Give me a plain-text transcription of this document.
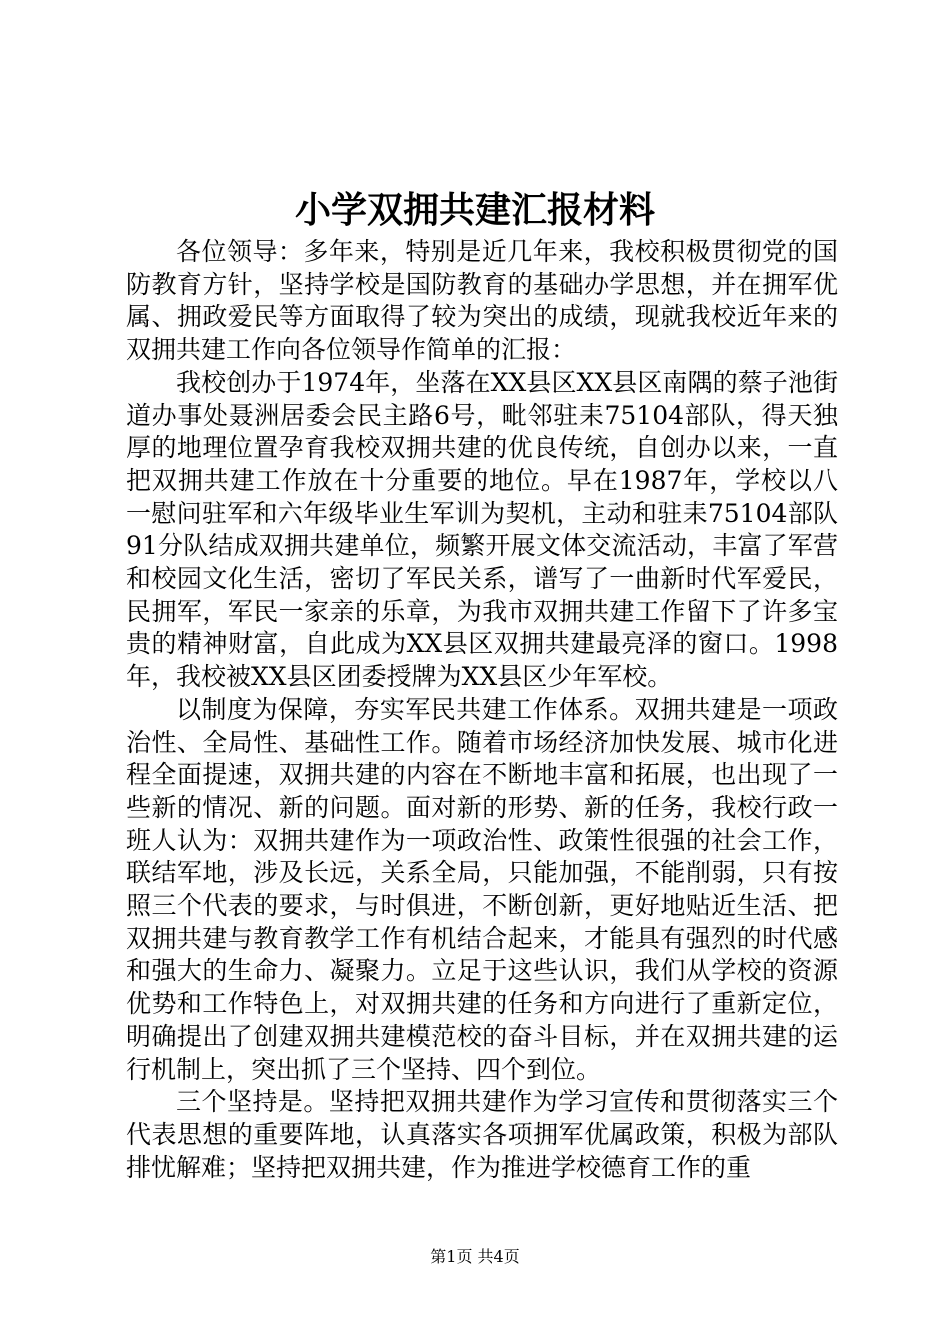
小学双拥共建汇报材料

各位领导：多年来，特别是近几年来，我校积极贯彻党的国防教育方针，坚持学校是国防教育的基础办学思想，并在拥军优属、拥政爱民等方面取得了较为突出的成绩，现就我校近年来的双拥共建工作向各位领导作简单的汇报：

我校创办于1974年，坐落在XX县区XX县区南隅的蔡子池街道办事处聂洲居委会民主路6号，毗邻驻耒75104部队，得天独厚的地理位置孕育我校双拥共建的优良传统，自创办以来，一直把双拥共建工作放在十分重要的地位。早在1987年，学校以八一慰问驻军和六年级毕业生军训为契机，主动和驻耒75104部队91分队结成双拥共建单位，频繁开展文体交流活动，丰富了军营和校园文化生活，密切了军民关系，谱写了一曲新时代军爱民，民拥军，军民一家亲的乐章，为我市双拥共建工作留下了许多宝贵的精神财富，自此成为XX县区双拥共建最亮泽的窗口。1998年，我校被XX县区团委授牌为XX县区少年军校。

以制度为保障，夯实军民共建工作体系。双拥共建是一项政治性、全局性、基础性工作。随着市场经济加快发展、城市化进程全面提速，双拥共建的内容在不断地丰富和拓展，也出现了一些新的情况、新的问题。面对新的形势、新的任务，我校行政一班人认为：双拥共建作为一项政治性、政策性很强的社会工作，联结军地，涉及长远，关系全局，只能加强，不能削弱，只有按照三个代表的要求，与时俱进，不断创新，更好地贴近生活、把双拥共建与教育教学工作有机结合起来，才能具有强烈的时代感和强大的生命力、凝聚力。立足于这些认识，我们从学校的资源优势和工作特色上，对双拥共建的任务和方向进行了重新定位，明确提出了创建双拥共建模范校的奋斗目标，并在双拥共建的运行机制上，突出抓了三个坚持、四个到位。

三个坚持是。坚持把双拥共建作为学习宣传和贯彻落实三个代表思想的重要阵地，认真落实各项拥军优属政策，积极为部队排忧解难；坚持把双拥共建，作为推进学校德育工作的重

第1页 共4页
